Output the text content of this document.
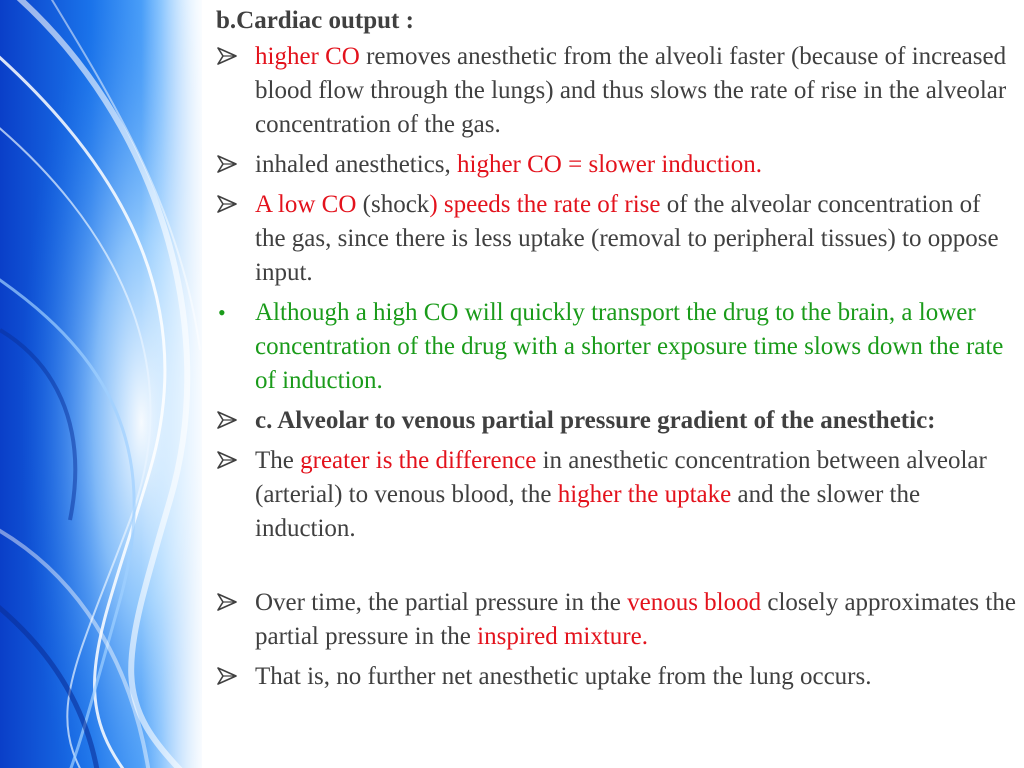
b.Cardiac output :
higher CO removes anesthetic from the alveoli faster (because of increased blood flow through the lungs) and thus slows the rate of rise in the alveolar concentration of the gas.
inhaled anesthetics, higher CO = slower induction.
A low CO (shock) speeds the rate of rise of the alveolar concentration of the gas, since there is less uptake (removal to peripheral tissues) to oppose input.
•	Although a high CO will quickly transport the drug to the brain, a lower concentration of the drug with a shorter exposure time slows down the rate of induction.
c. Alveolar to venous partial pressure gradient of the anesthetic:
The greater is the difference in anesthetic concentration between alveolar (arterial) to venous blood, the higher the uptake and the slower the induction.
Over time, the partial pressure in the venous blood closely approximates the partial pressure in the inspired mixture.
That is, no further net anesthetic uptake from the lung occurs.
